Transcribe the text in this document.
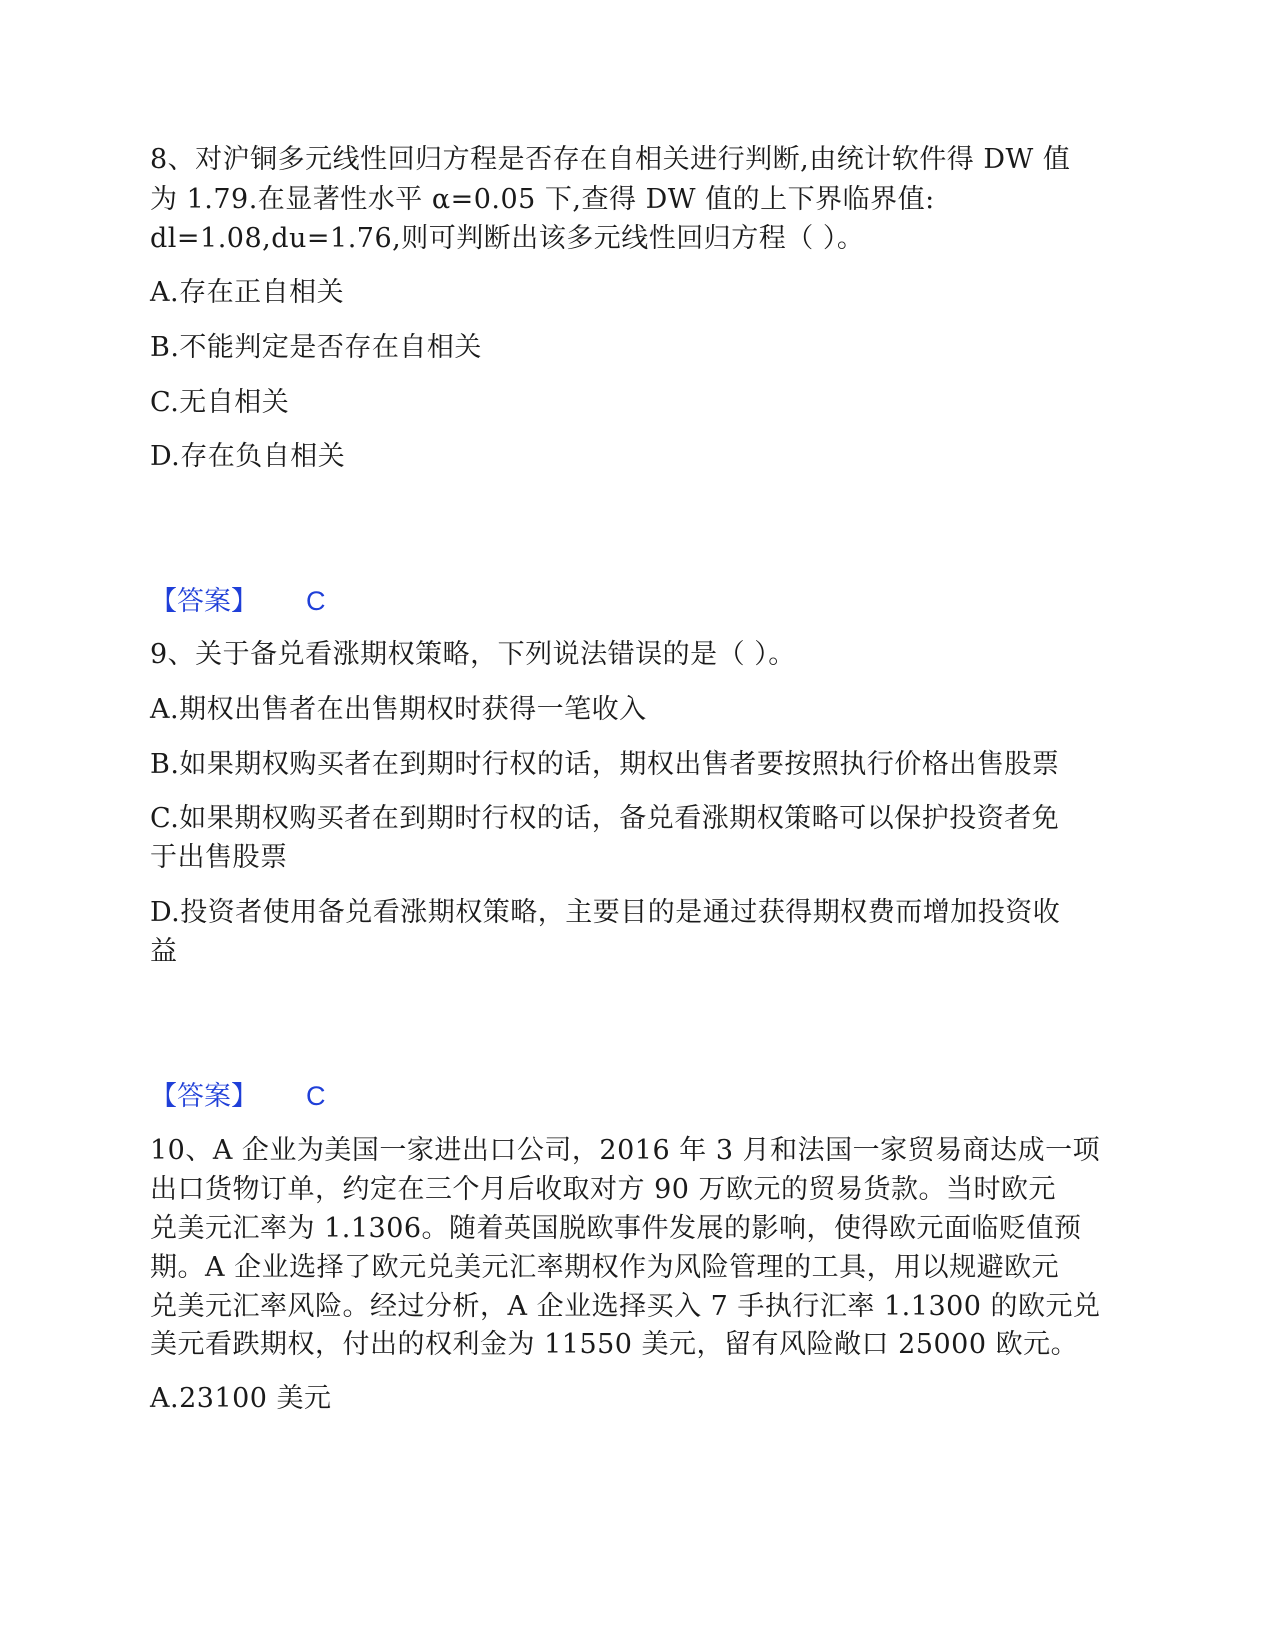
8、对沪铜多元线性回归方程是否存在自相关进行判断,由统计软件得 DW 值
为 1.79.在显著性水平 α=0.05 下,查得 DW 值的上下界临界值:
dl=1.08,du=1.76,则可判断出该多元线性回归方程（ ）。
A.存在正自相关
B.不能判定是否存在自相关
C.无自相关
D.存在负自相关
【答案】 C
9、关于备兑看涨期权策略，下列说法错误的是（ ）。
A.期权出售者在出售期权时获得一笔收入
B.如果期权购买者在到期时行权的话，期权出售者要按照执行价格出售股票
C.如果期权购买者在到期时行权的话，备兑看涨期权策略可以保护投资者免
于出售股票
D.投资者使用备兑看涨期权策略，主要目的是通过获得期权费而增加投资收
益
【答案】 C
10、A 企业为美国一家进出口公司，2016 年 3 月和法国一家贸易商达成一项
出口货物订单，约定在三个月后收取对方 90 万欧元的贸易货款。当时欧元
兑美元汇率为 1.1306。随着英国脱欧事件发展的影响，使得欧元面临贬值预
期。A 企业选择了欧元兑美元汇率期权作为风险管理的工具，用以规避欧元
兑美元汇率风险。经过分析，A 企业选择买入 7 手执行汇率 1.1300 的欧元兑
美元看跌期权，付出的权利金为 11550 美元，留有风险敞口 25000 欧元。
A.23100 美元
